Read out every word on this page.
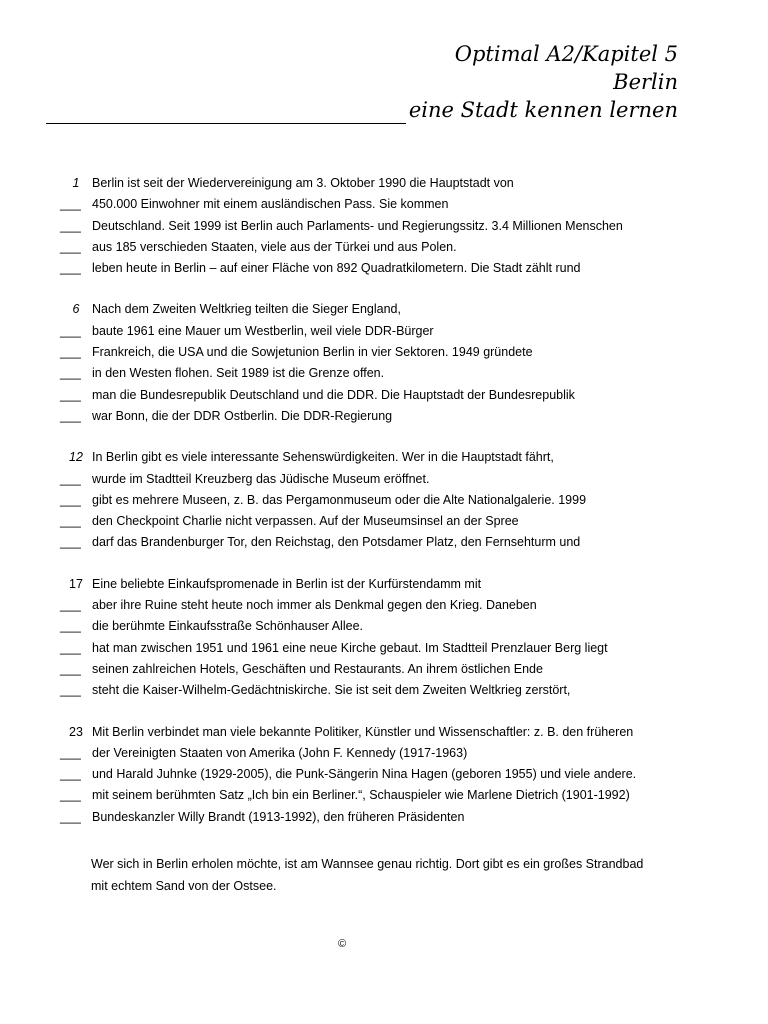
Optimal A2/Kapitel 5
Berlin
eine Stadt kennen lernen
1	Berlin ist seit der Wiedervereinigung am 3. Oktober 1990 die Hauptstadt von
___ 450.000 Einwohner mit einem ausländischen Pass. Sie kommen
___ Deutschland. Seit 1999 ist Berlin auch Parlaments- und Regierungssitz. 3.4 Millionen Menschen
___ aus 185 verschieden Staaten, viele aus der Türkei und aus Polen.
___ leben heute in Berlin – auf einer Fläche von 892 Quadratkilometern. Die Stadt zählt rund
6	Nach dem Zweiten Weltkrieg teilten die Sieger England,
___ baute 1961 eine Mauer um Westberlin, weil viele DDR-Bürger
___ Frankreich, die USA und die Sowjetunion Berlin in vier Sektoren. 1949 gründete
___ in den Westen flohen. Seit 1989 ist die Grenze offen.
___ man die Bundesrepublik Deutschland und die DDR. Die Hauptstadt der Bundesrepublik
___ war Bonn, die der DDR Ostberlin. Die DDR-Regierung
12 In Berlin gibt es viele interessante Sehenswürdigkeiten. Wer in die Hauptstadt fährt,
___ wurde im Stadtteil Kreuzberg das Jüdische Museum eröffnet.
___ gibt es mehrere Museen, z. B. das Pergamonmuseum oder die Alte Nationalgalerie. 1999
___ den Checkpoint Charlie nicht verpassen. Auf der Museumsinsel an der Spree
___ darf das Brandenburger Tor, den Reichstag, den Potsdamer Platz, den Fernsehturm und
17 Eine beliebte Einkaufspromenade in Berlin ist der Kurfürstendamm mit
___ aber ihre Ruine steht heute noch immer als Denkmal gegen den Krieg. Daneben
___ die berühmte Einkaufsstraße Schönhauser Allee.
___ hat man zwischen 1951 und 1961 eine neue Kirche gebaut. Im Stadtteil Prenzlauer Berg liegt
___ seinen zahlreichen Hotels, Geschäften und Restaurants. An ihrem östlichen Ende
___ steht die Kaiser-Wilhelm-Gedächtniskirche. Sie ist seit dem Zweiten Weltkrieg zerstört,
23 Mit Berlin verbindet man viele bekannte Politiker, Künstler und Wissenschaftler: z. B. den früheren
___ der Vereinigten Staaten von Amerika (John F. Kennedy (1917-1963)
___ und Harald Juhnke (1929-2005), die Punk-Sängerin Nina Hagen (geboren 1955) und viele andere.
___ mit seinem berühmten Satz „Ich bin ein Berliner.“, Schauspieler wie Marlene Dietrich (1901-1992)
___ Bundeskanzler Willy Brandt (1913-1992), den früheren Präsidenten
Wer sich in Berlin erholen möchte, ist am Wannsee genau richtig. Dort gibt es ein großes Strandbad
mit echtem Sand von der Ostsee.
©
